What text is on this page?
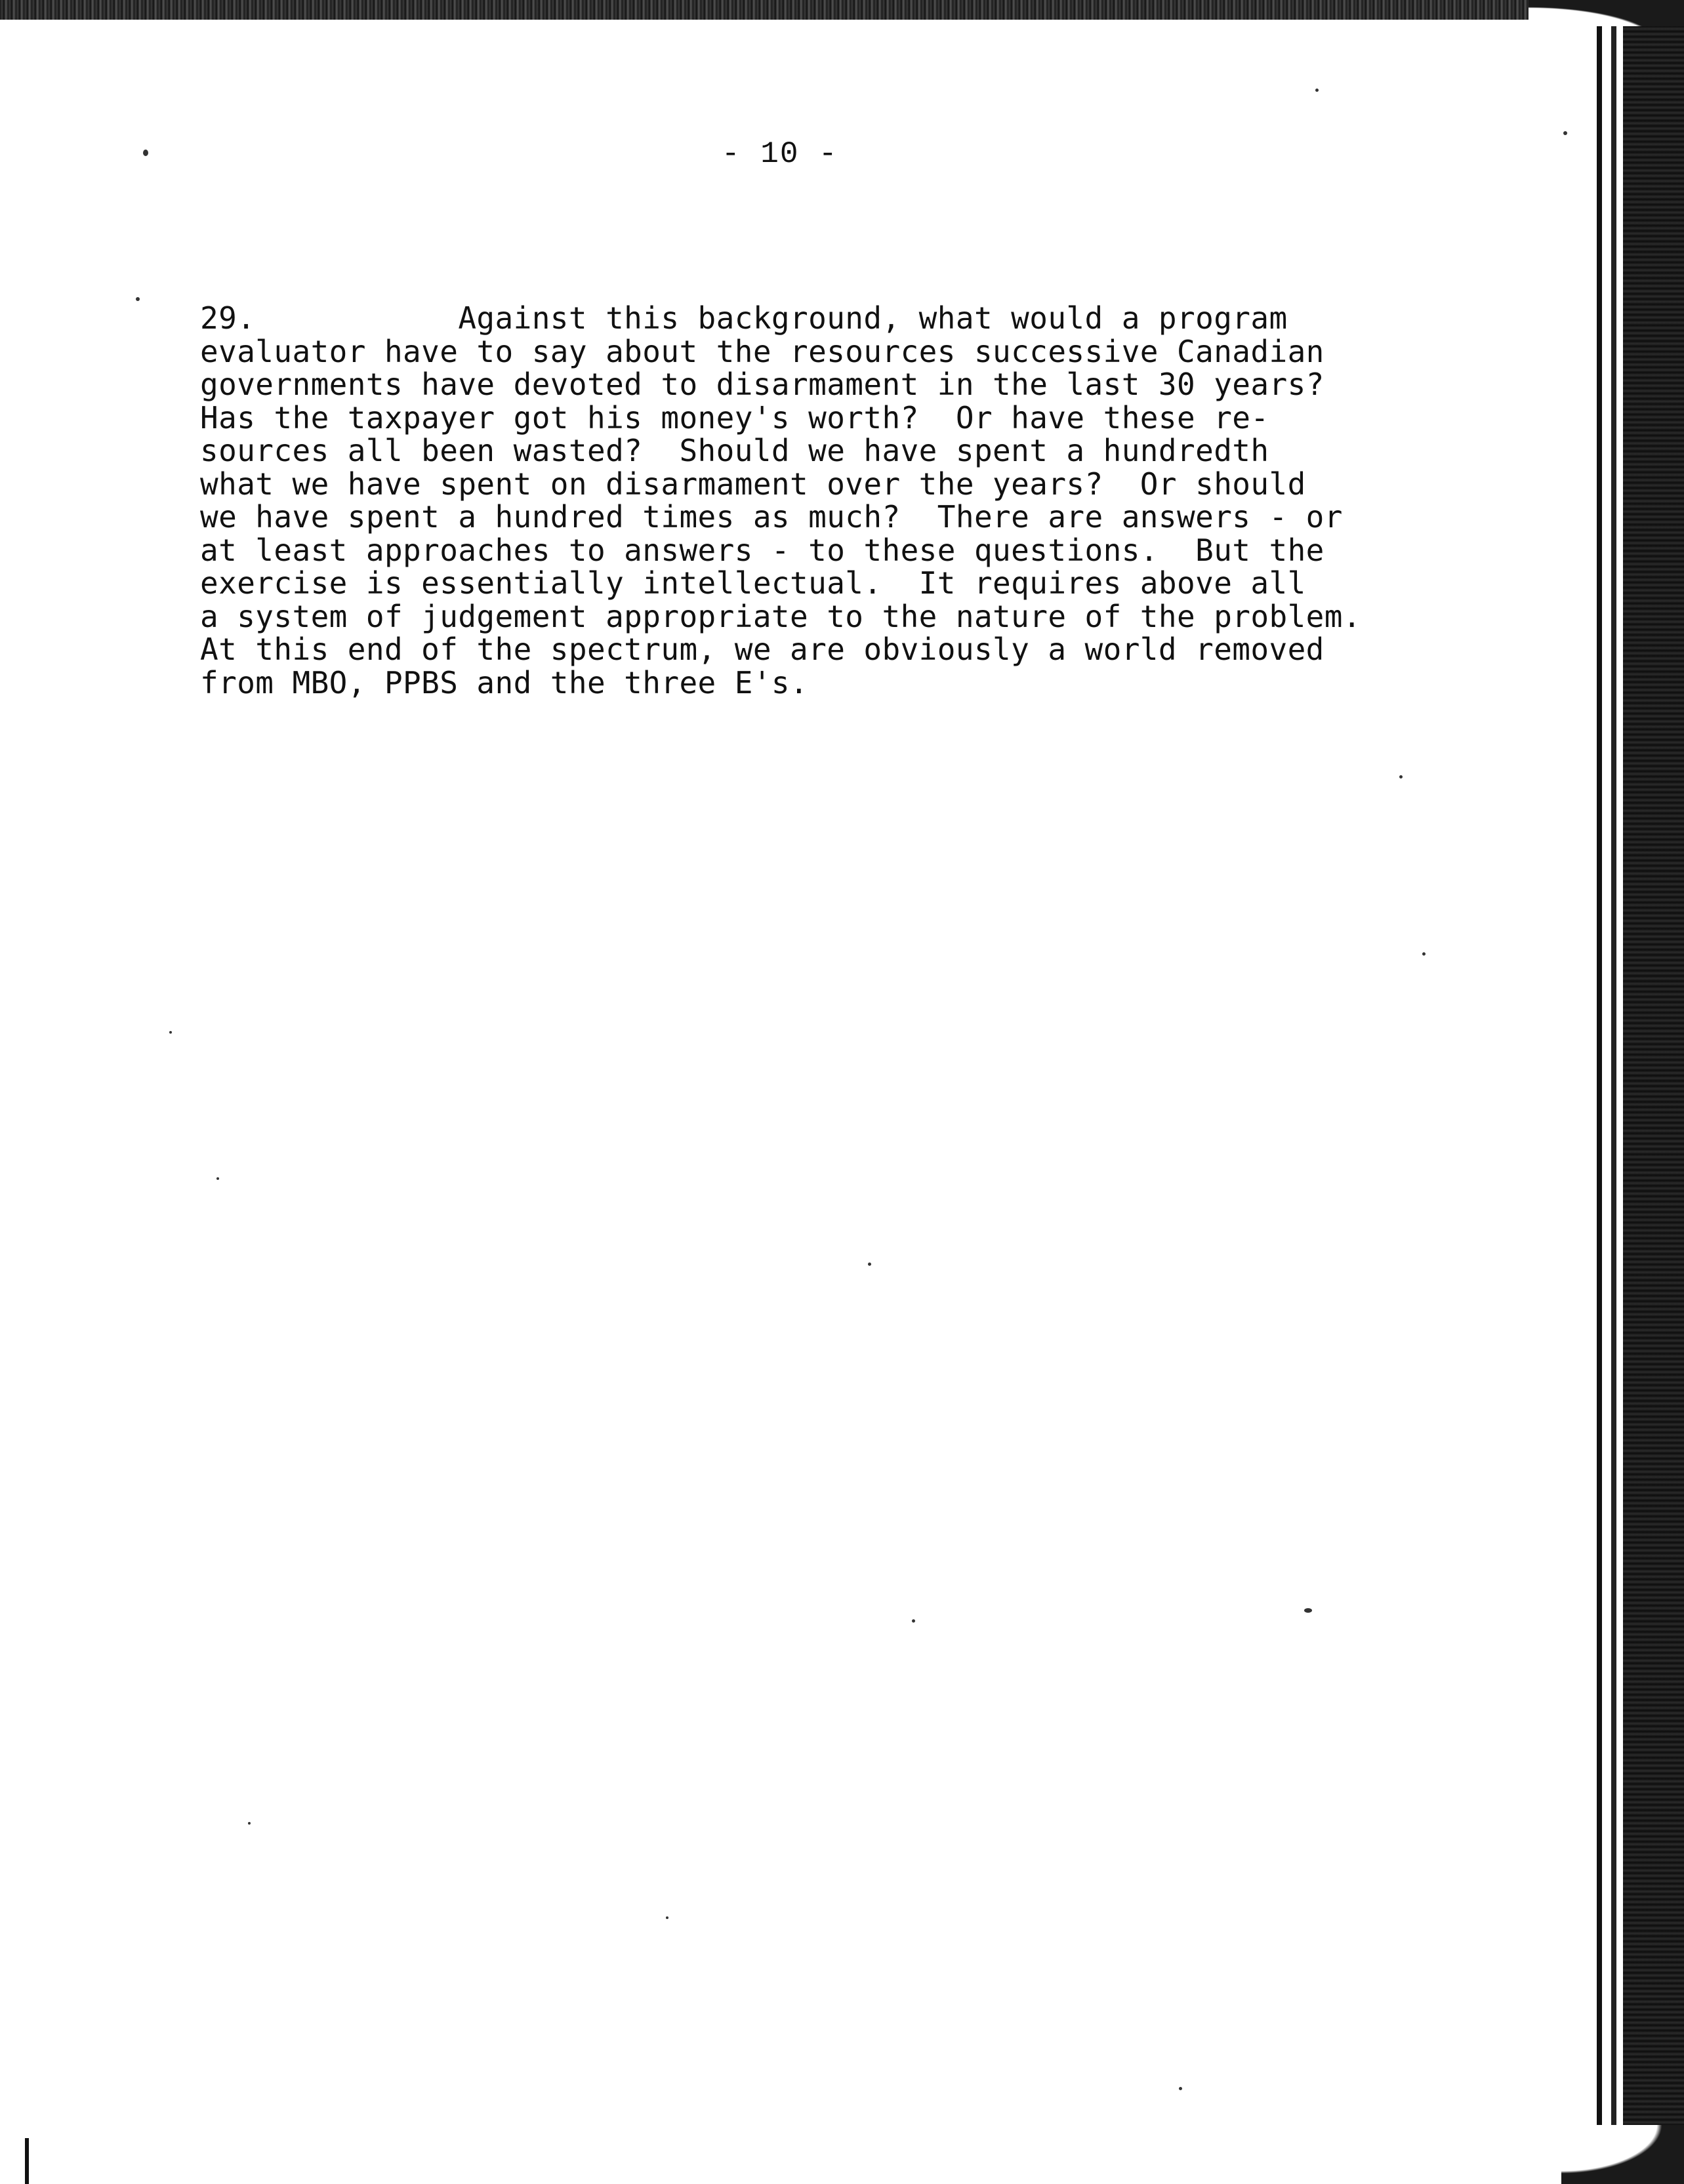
- 10 -
29.           Against this background, what would a program
evaluator have to say about the resources successive Canadian
governments have devoted to disarmament in the last 30 years?
Has the taxpayer got his money's worth?  Or have these re-
sources all been wasted?  Should we have spent a hundredth
what we have spent on disarmament over the years?  Or should
we have spent a hundred times as much?  There are answers - or
at least approaches to answers - to these questions.  But the
exercise is essentially intellectual.  It requires above all
a system of judgement appropriate to the nature of the problem.
At this end of the spectrum, we are obviously a world removed
from MBO, PPBS and the three E's.
